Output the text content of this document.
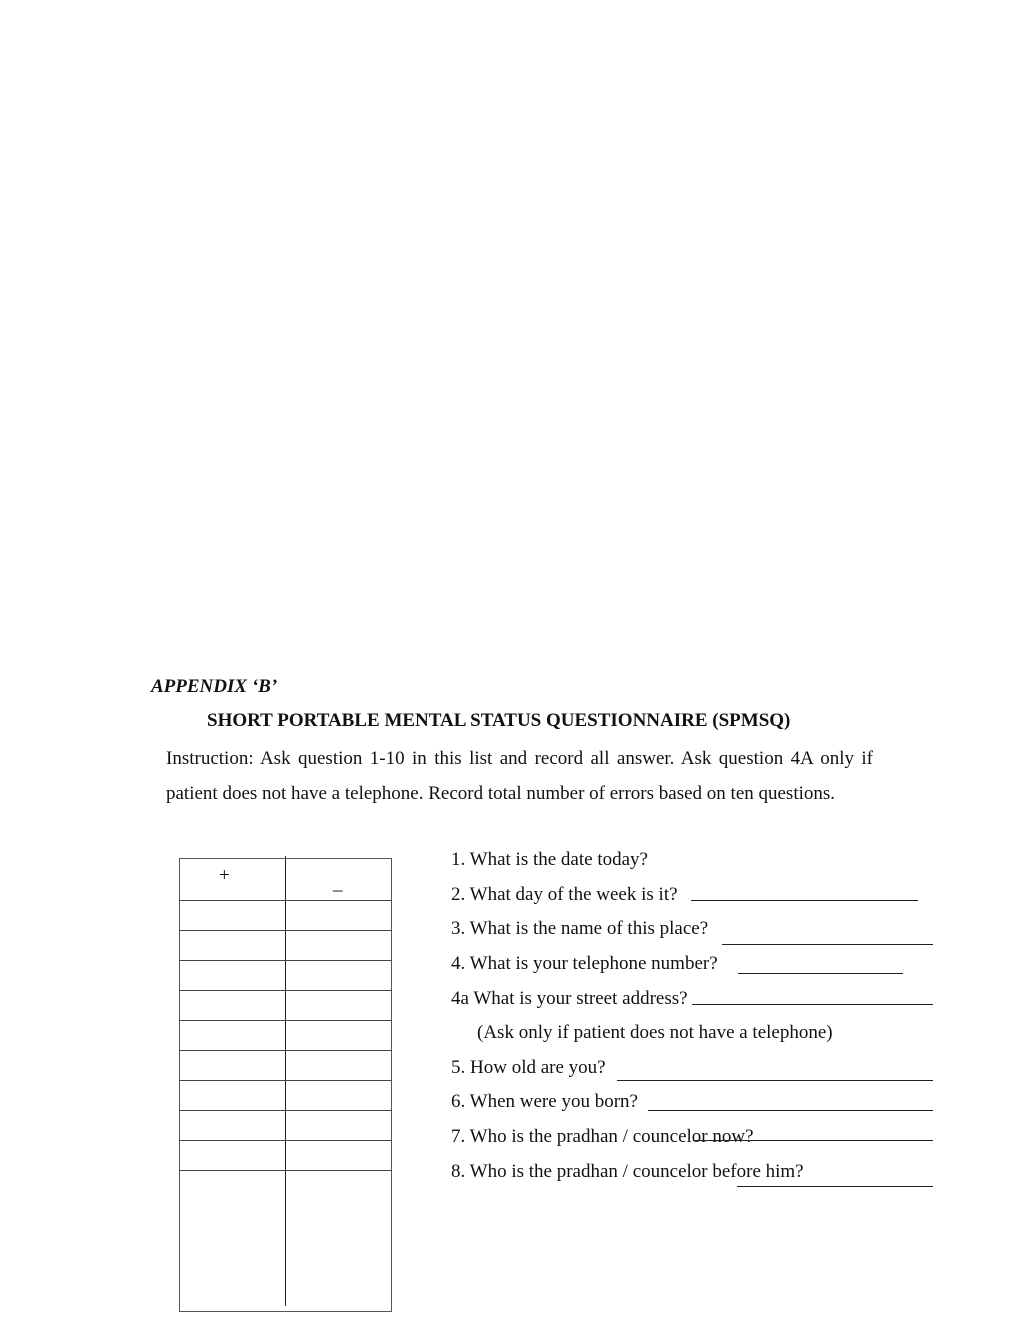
APPENDIX ‘B’
SHORT PORTABLE MENTAL STATUS QUESTIONNAIRE (SPMSQ)
Instruction: Ask question 1-10 in this list and record all answer. Ask question 4A only if patient does not have a telephone. Record total number of errors based on ten questions.
+	_
1. What is the date today?
2. What day of the week is it?
3. What is the name of this place?
4. What is your telephone number?
4a What is your street address?
(Ask only if patient does not have a telephone)
5. How old are you?
6. When were you born?
7. Who is the pradhan / councelor now?
8. Who is the pradhan / councelor before him?
